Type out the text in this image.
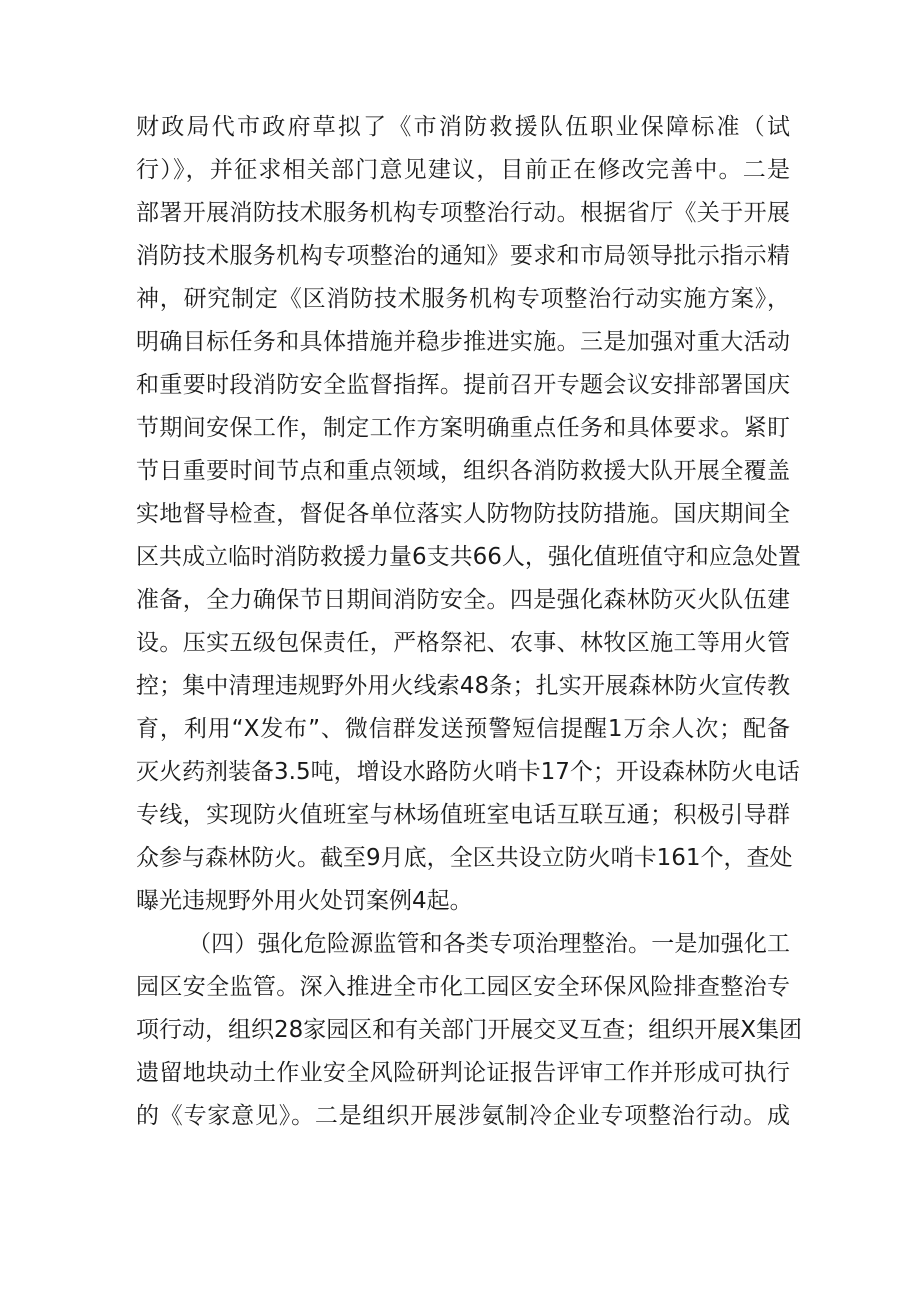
财政局代市政府草拟了《市消防救援队伍职业保障标准（试
行）》，并征求相关部门意见建议，目前正在修改完善中。二是
部署开展消防技术服务机构专项整治行动。根据省厅《关于开展
消防技术服务机构专项整治的通知》要求和市局领导批示指示精
神，研究制定《区消防技术服务机构专项整治行动实施方案》，
明确目标任务和具体措施并稳步推进实施。三是加强对重大活动
和重要时段消防安全监督指挥。提前召开专题会议安排部署国庆
节期间安保工作，制定工作方案明确重点任务和具体要求。紧盯
节日重要时间节点和重点领域，组织各消防救援大队开展全覆盖
实地督导检查，督促各单位落实人防物防技防措施。国庆期间全
区共成立临时消防救援力量6支共66人，强化值班值守和应急处置
准备，全力确保节日期间消防安全。四是强化森林防灭火队伍建
设。压实五级包保责任，严格祭祀、农事、林牧区施工等用火管
控；集中清理违规野外用火线索48条；扎实开展森林防火宣传教
育，利用“X发布”、微信群发送预警短信提醒1万余人次；配备
灭火药剂装备3.5吨，增设水路防火哨卡17个；开设森林防火电话
专线，实现防火值班室与林场值班室电话互联互通；积极引导群
众参与森林防火。截至9月底，全区共设立防火哨卡161个，查处
曝光违规野外用火处罚案例4起。
（四）强化危险源监管和各类专项治理整治。一是加强化工
园区安全监管。深入推进全市化工园区安全环保风险排查整治专
项行动，组织28家园区和有关部门开展交叉互查；组织开展X集团
遗留地块动土作业安全风险研判论证报告评审工作并形成可执行
的《专家意见》。二是组织开展涉氨制冷企业专项整治行动。成
